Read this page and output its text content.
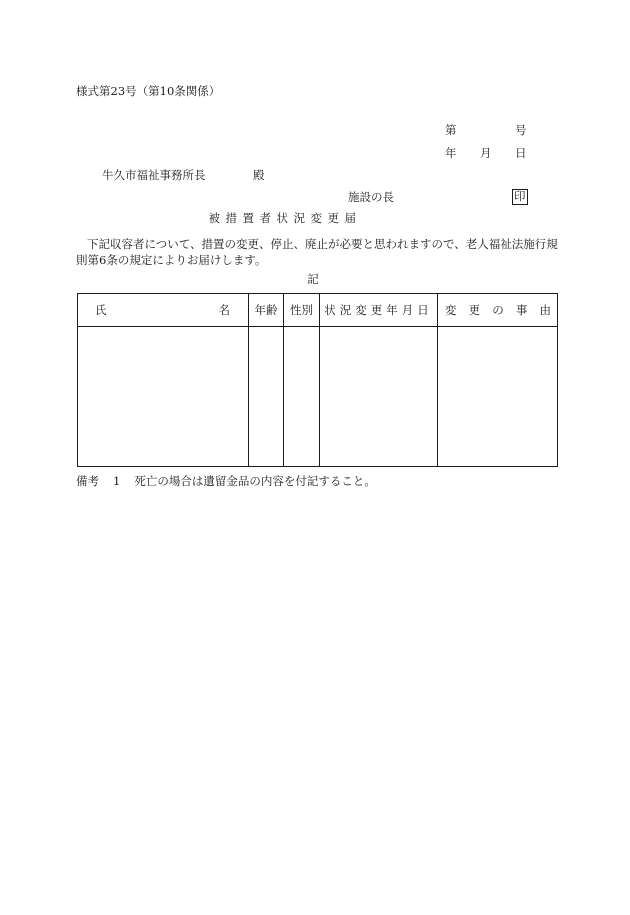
様式第23号（第10条関係）
第	号
年 月 日
牛久市福祉事務所長	殿
施設の長	印
被措置者状況変更届
下記収容者について、措置の変更、停止、廃止が必要と思われますので、老人福祉法施行規則第6条の規定によりお届けします。
記
氏 名	年齢	性別	状況変更年月日	変 更 の 事 由

備考 1 死亡の場合は遺留金品の内容を付記すること。
